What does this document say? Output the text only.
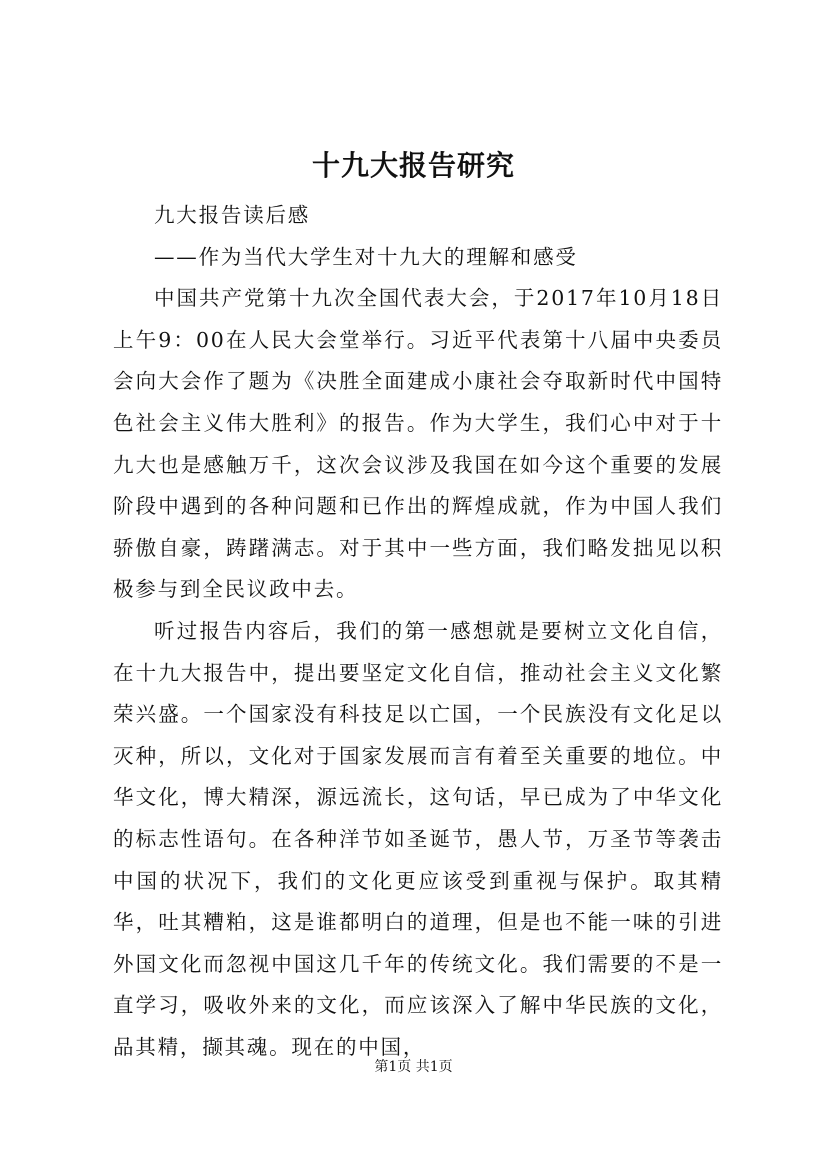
十九大报告研究

九大报告读后感

——作为当代大学生对十九大的理解和感受

中国共产党第十九次全国代表大会，于2017年10月18日上午9：00在人民大会堂举行。习近平代表第十八届中央委员会向大会作了题为《决胜全面建成小康社会夺取新时代中国特色社会主义伟大胜利》的报告。作为大学生，我们心中对于十九大也是感触万千，这次会议涉及我国在如今这个重要的发展阶段中遇到的各种问题和已作出的辉煌成就，作为中国人我们骄傲自豪，踌躇满志。对于其中一些方面，我们略发拙见以积极参与到全民议政中去。

听过报告内容后，我们的第一感想就是要树立文化自信，在十九大报告中，提出要坚定文化自信，推动社会主义文化繁荣兴盛。一个国家没有科技足以亡国，一个民族没有文化足以灭种，所以，文化对于国家发展而言有着至关重要的地位。中华文化，博大精深，源远流长，这句话，早已成为了中华文化的标志性语句。在各种洋节如圣诞节，愚人节，万圣节等袭击中国的状况下，我们的文化更应该受到重视与保护。取其精华，吐其糟粕，这是谁都明白的道理，但是也不能一味的引进外国文化而忽视中国这几千年的传统文化。我们需要的不是一直学习，吸收外来的文化，而应该深入了解中华民族的文化，品其精，撷其魂。现在的中国，

第1页 共1页
